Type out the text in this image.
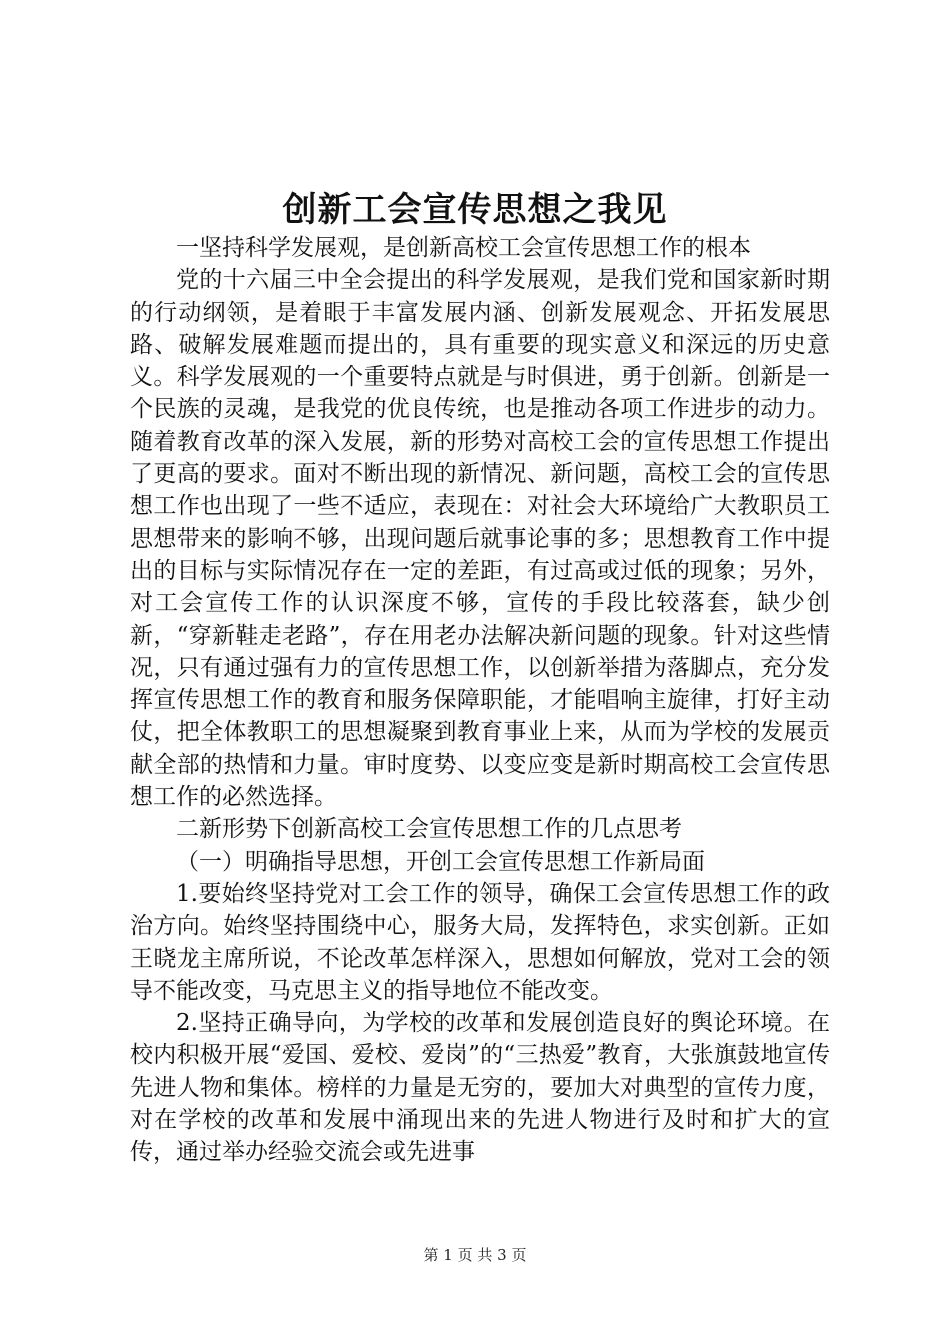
创新工会宣传思想之我见

一坚持科学发展观，是创新高校工会宣传思想工作的根本

党的十六届三中全会提出的科学发展观，是我们党和国家新时期的行动纲领，是着眼于丰富发展内涵、创新发展观念、开拓发展思路、破解发展难题而提出的，具有重要的现实意义和深远的历史意义。科学发展观的一个重要特点就是与时俱进，勇于创新。创新是一个民族的灵魂，是我党的优良传统，也是推动各项工作进步的动力。随着教育改革的深入发展，新的形势对高校工会的宣传思想工作提出了更高的要求。面对不断出现的新情况、新问题，高校工会的宣传思想工作也出现了一些不适应，表现在：对社会大环境给广大教职员工思想带来的影响不够，出现问题后就事论事的多；思想教育工作中提出的目标与实际情况存在一定的差距，有过高或过低的现象；另外，对工会宣传工作的认识深度不够，宣传的手段比较落套，缺少创新，“穿新鞋走老路”，存在用老办法解决新问题的现象。针对这些情况，只有通过强有力的宣传思想工作，以创新举措为落脚点，充分发挥宣传思想工作的教育和服务保障职能，才能唱响主旋律，打好主动仗，把全体教职工的思想凝聚到教育事业上来，从而为学校的发展贡献全部的热情和力量。审时度势、以变应变是新时期高校工会宣传思想工作的必然选择。

二新形势下创新高校工会宣传思想工作的几点思考

（一）明确指导思想，开创工会宣传思想工作新局面

1.要始终坚持党对工会工作的领导，确保工会宣传思想工作的政治方向。始终坚持围绕中心，服务大局，发挥特色，求实创新。正如王晓龙主席所说，不论改革怎样深入，思想如何解放，党对工会的领导不能改变，马克思主义的指导地位不能改变。

2.坚持正确导向，为学校的改革和发展创造良好的舆论环境。在校内积极开展“爱国、爱校、爱岗”的“三热爱”教育，大张旗鼓地宣传先进人物和集体。榜样的力量是无穷的，要加大对典型的宣传力度，对在学校的改革和发展中涌现出来的先进人物进行及时和扩大的宣传，通过举办经验交流会或先进事

第 1 页 共 3 页
